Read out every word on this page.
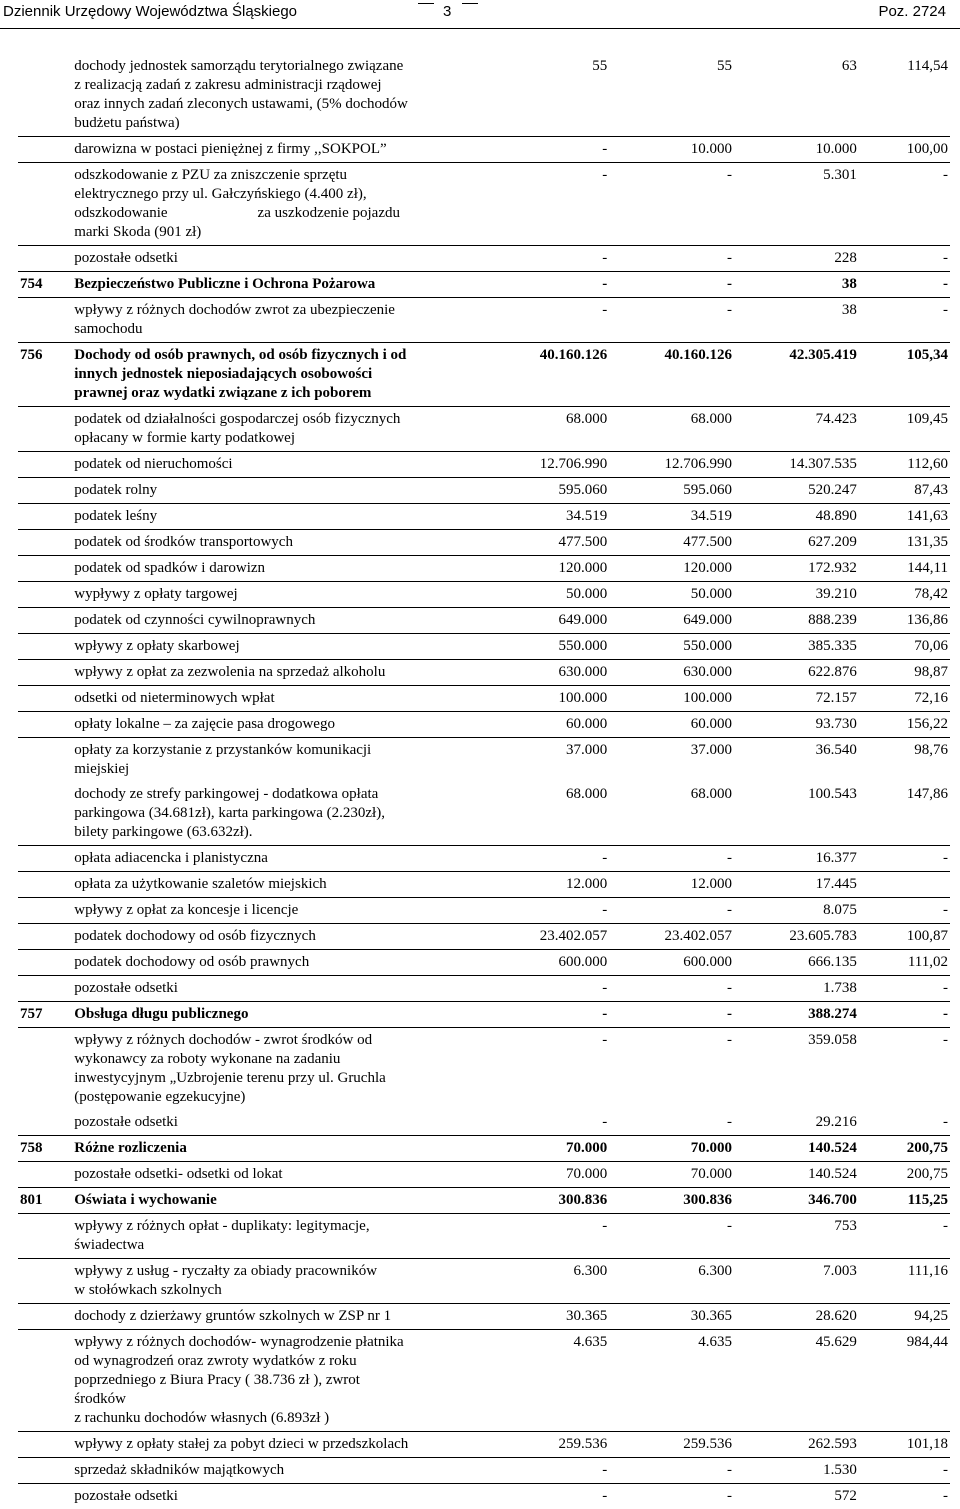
Dziennik Urzędowy Województwa Śląskiego	3	Poz. 2724

	dochody jednostek samorządu terytorialnego związane
z realizacją zadań z zakresu administracji rządowej
oraz innych zadań zleconych ustawami, (5% dochodów
budżetu państwa)	55	55	63	114,54

	darowizna w postaci pieniężnej z firmy ,,SOKPOL”	-	10.000	10.000	100,00

	odszkodowanie z PZU za zniszczenie sprzętu
elektrycznego przy ul. Gałczyńskiego (4.400 zł),
odszkodowanie za uszkodzenie pojazdu
marki Skoda (901 zł)	-	-	5.301	-

	pozostałe odsetki	-	-	228	-
754	Bezpieczeństwo Publiczne i Ochrona Pożarowa	-	-	38	-

	wpływy z różnych dochodów zwrot za ubezpieczenie
samochodu	-	-	38	-
756	Dochody od osób prawnych, od osób fizycznych i od
innych jednostek nieposiadających osobowości
prawnej oraz wydatki związane z ich poborem	40.160.126	40.160.126	42.305.419	105,34

	podatek od działalności gospodarczej osób fizycznych
opłacany w formie karty podatkowej	68.000	68.000	74.423	109,45

	podatek od nieruchomości	12.706.990	12.706.990	14.307.535	112,60

	podatek rolny	595.060	595.060	520.247	87,43

	podatek leśny	34.519	34.519	48.890	141,63

	podatek od środków transportowych	477.500	477.500	627.209	131,35

	podatek od spadków i darowizn	120.000	120.000	172.932	144,11

	wypływy z opłaty targowej	50.000	50.000	39.210	78,42

	podatek od czynności cywilnoprawnych	649.000	649.000	888.239	136,86

	wpływy z opłaty skarbowej	550.000	550.000	385.335	70,06

	wpływy z opłat za zezwolenia na sprzedaż alkoholu	630.000	630.000	622.876	98,87

	odsetki od nieterminowych wpłat	100.000	100.000	72.157	72,16

	opłaty lokalne – za zajęcie pasa drogowego	60.000	60.000	93.730	156,22

	opłaty za korzystanie z przystanków komunikacji
miejskiej	37.000	37.000	36.540	98,76

	dochody ze strefy parkingowej - dodatkowa opłata
parkingowa (34.681zł), karta parkingowa (2.230zł),
bilety parkingowe (63.632zł).	68.000	68.000	100.543	147,86

	opłata adiacencka i planistyczna	-	-	16.377	-

	opłata za użytkowanie szaletów miejskich	12.000	12.000	17.445	

	wpływy z opłat za koncesje i licencje	-	-	8.075	-

	podatek dochodowy od osób fizycznych	23.402.057	23.402.057	23.605.783	100,87

	podatek dochodowy od osób prawnych	600.000	600.000	666.135	111,02

	pozostałe odsetki	-	-	1.738	-
757	Obsługa długu publicznego	-	-	388.274	-

	wpływy z różnych dochodów - zwrot środków od
wykonawcy za roboty wykonane na zadaniu
inwestycyjnym „Uzbrojenie terenu przy ul. Gruchla
(postępowanie egzekucyjne)	-	-	359.058	-

	pozostałe odsetki	-	-	29.216	-
758	Różne rozliczenia	70.000	70.000	140.524	200,75

	pozostałe odsetki- odsetki od lokat	70.000	70.000	140.524	200,75
801	Oświata i wychowanie	300.836	300.836	346.700	115,25

	wpływy z różnych opłat - duplikaty: legitymacje,
świadectwa	-	-	753	-

	wpływy z usług - ryczałty za obiady pracowników
w stołówkach szkolnych	6.300	6.300	7.003	111,16

	dochody z dzierżawy gruntów szkolnych w ZSP nr 1	30.365	30.365	28.620	94,25

	wpływy z różnych dochodów- wynagrodzenie płatnika
od wynagrodzeń oraz zwroty wydatków z roku
poprzedniego z Biura Pracy ( 38.736 zł ), zwrot
środków
z rachunku dochodów własnych (6.893zł )	4.635	4.635	45.629	984,44

	wpływy z opłaty stałej za pobyt dzieci w przedszkolach	259.536	259.536	262.593	101,18

	sprzedaż składników majątkowych	-	-	1.530	-

	pozostałe odsetki	-	-	572	-
